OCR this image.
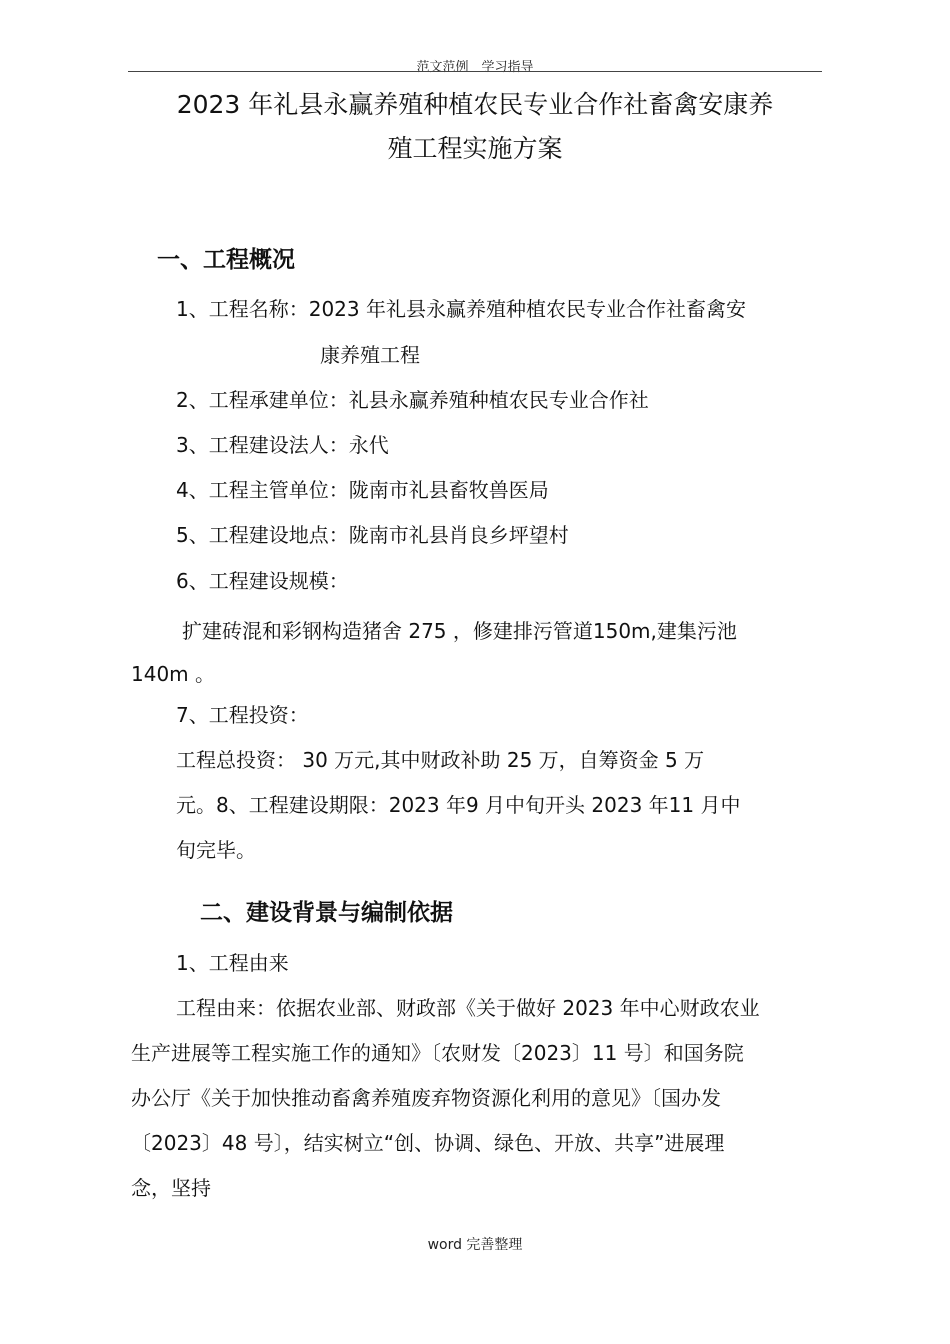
范文范例　学习指导
2023 年礼县永赢养殖种植农民专业合作社畜禽安康养
殖工程实施方案
一、工程概况
1、工程名称：2023 年礼县永赢养殖种植农民专业合作社畜禽安
康养殖工程
2、工程承建单位：礼县永赢养殖种植农民专业合作社
3、工程建设法人：永代
4、工程主管单位：陇南市礼县畜牧兽医局
5、工程建设地点：陇南市礼县肖良乡坪望村
6、工程建设规模：
扩建砖混和彩钢构造猪舍 275 ，修建排污管道150m,建集污池
140m 。
7、工程投资：
工程总投资： 30 万元,其中财政补助 25 万，自筹资金 5 万
元。8、工程建设期限：2023 年9 月中旬开头 2023 年11 月中
旬完毕。
二、建设背景与编制依据
1、工程由来
工程由来：依据农业部、财政部《关于做好 2023 年中心财政农业
生产进展等工程实施工作的通知》〔农财发〔2023〕11 号〕和国务院
办公厅《关于加快推动畜禽养殖废弃物资源化利用的意见》〔国办发
〔2023〕48 号〕，结实树立“创、协调、绿色、开放、共享”进展理
念，坚持
word 完善整理
